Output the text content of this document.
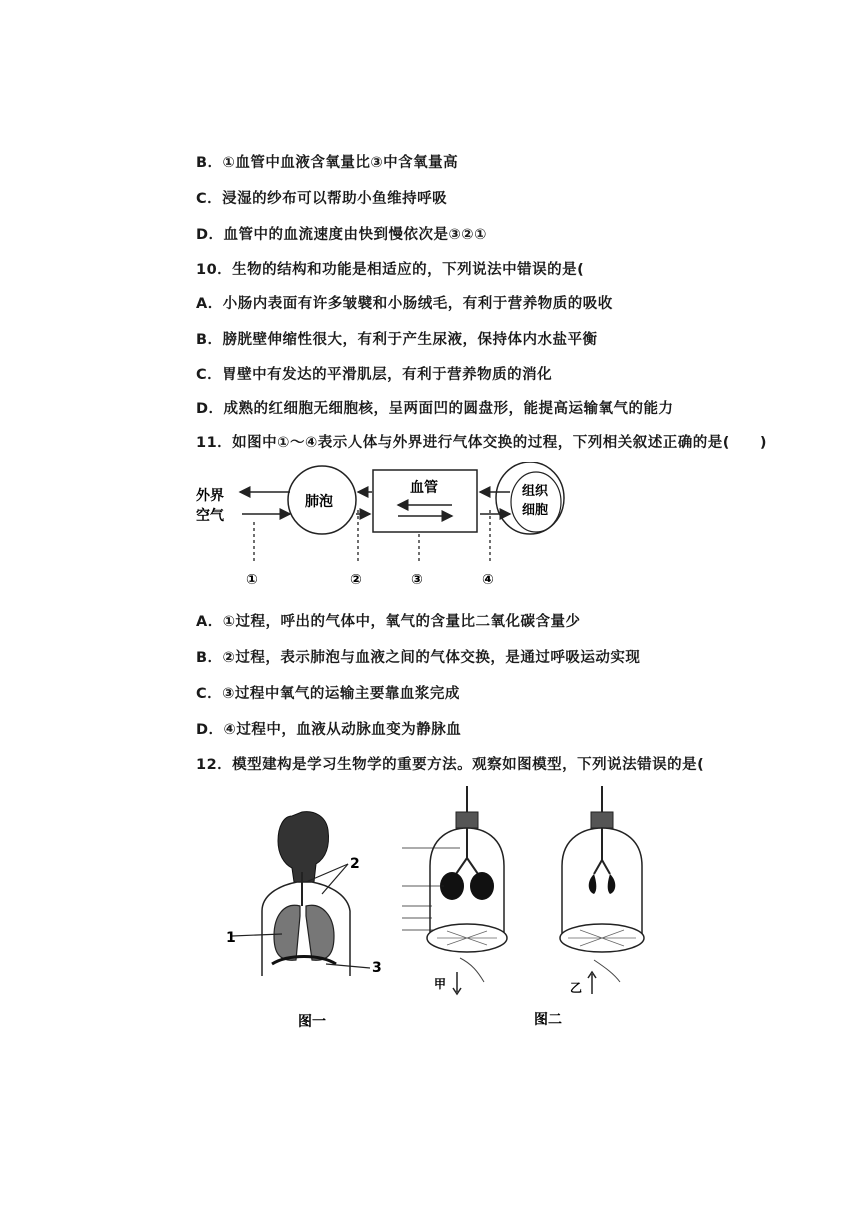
B．①血管中血液含氧量比③中含氧量高
C．浸湿的纱布可以帮助小鱼维持呼吸
D．血管中的血流速度由快到慢依次是③②①
10．生物的结构和功能是相适应的，下列说法中错误的是(
A．小肠内表面有许多皱襞和小肠绒毛，有利于营养物质的吸收
B．膀胱壁伸缩性很大，有利于产生尿液，保持体内水盐平衡
C．胃壁中有发达的平滑肌层，有利于营养物质的消化
D．成熟的红细胞无细胞核，呈两面凹的圆盘形，能提高运输氧气的能力
11．如图中①～④表示人体与外界进行气体交换的过程，下列相关叙述正确的是(　　)
外界
空气
肺泡
血管	组织
细胞
①	②	③	④
A．①过程，呼出的气体中，氧气的含量比二氧化碳含量少
B．②过程，表示肺泡与血液之间的气体交换，是通过呼吸运动实现
C．③过程中氧气的运输主要靠血浆完成
D．④过程中，血液从动脉血变为静脉血
12．模型建构是学习生物学的重要方法。观察如图模型，下列说法错误的是(
1
2
3
图一
甲	乙
图二
